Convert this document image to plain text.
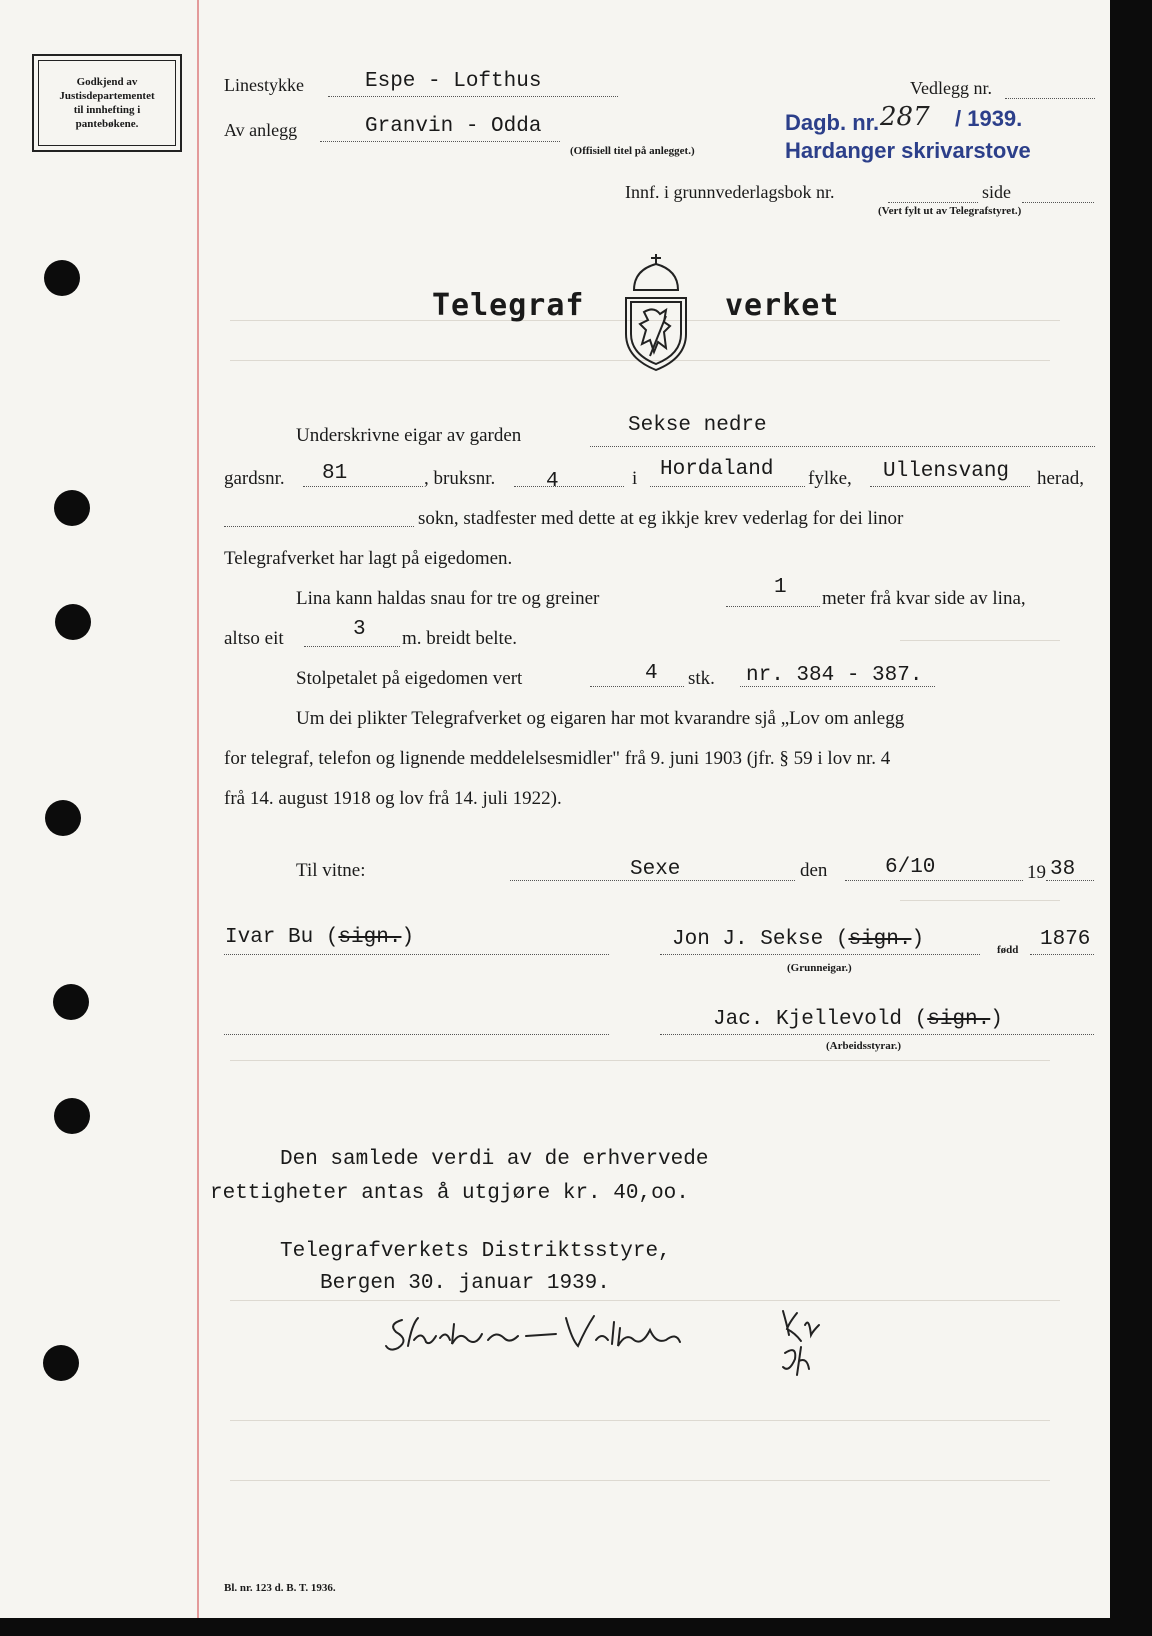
Godkjend av
Justisdepartementet
til innhefting i
pantebøkene.
Linestykke	Espe - Lofthus	Vedlegg nr.
Av anlegg	Granvin - Odda
(Offisiell titel på anlegget.)
Dagb. nr. 287 / 1939.
Hardanger skrivarstove
Innf. i grunnvederlagsbok nr.	side
(Vert fylt ut av Telegrafstyret.)
Telegraf	verket
Underskrivne eigar av garden	Sekse nedre
gardsnr. 81	, bruksnr. 4	i Hordaland fylke, Ullensvang herad,
sokn, stadfester med dette at eg ikkje krev vederlag for dei linor
Telegrafverket har lagt på eigedomen.
Lina kann haldas snau for tre og greiner	1 meter frå kvar side av lina,
altso eit	3 m. breidt belte.
Stolpetalet på eigedomen vert	4 stk. nr. 384 - 387.
Um dei plikter Telegrafverket og eigaren har mot kvarandre sjå „Lov om anlegg
for telegraf, telefon og lignende meddelelsesmidler" frå 9. juni 1903 (jfr. § 59 i lov nr. 4
frå 14. august 1918 og lov frå 14. juli 1922).
Til vitne:	Sexe	den	6/10	19 38
Ivar Bu (sign.)	Jon J. Sekse (sign.)	fødd 1876
(Grunneigar.)
Jac. Kjellevold (sign.)
(Arbeidsstyrar.)
Den samlede verdi av de erhvervede
rettigheter antas å utgjøre kr. 40,oo.
Telegrafverkets Distriktsstyre,
Bergen 30. januar 1939.
Bl. nr. 123 d. B. T. 1936.
